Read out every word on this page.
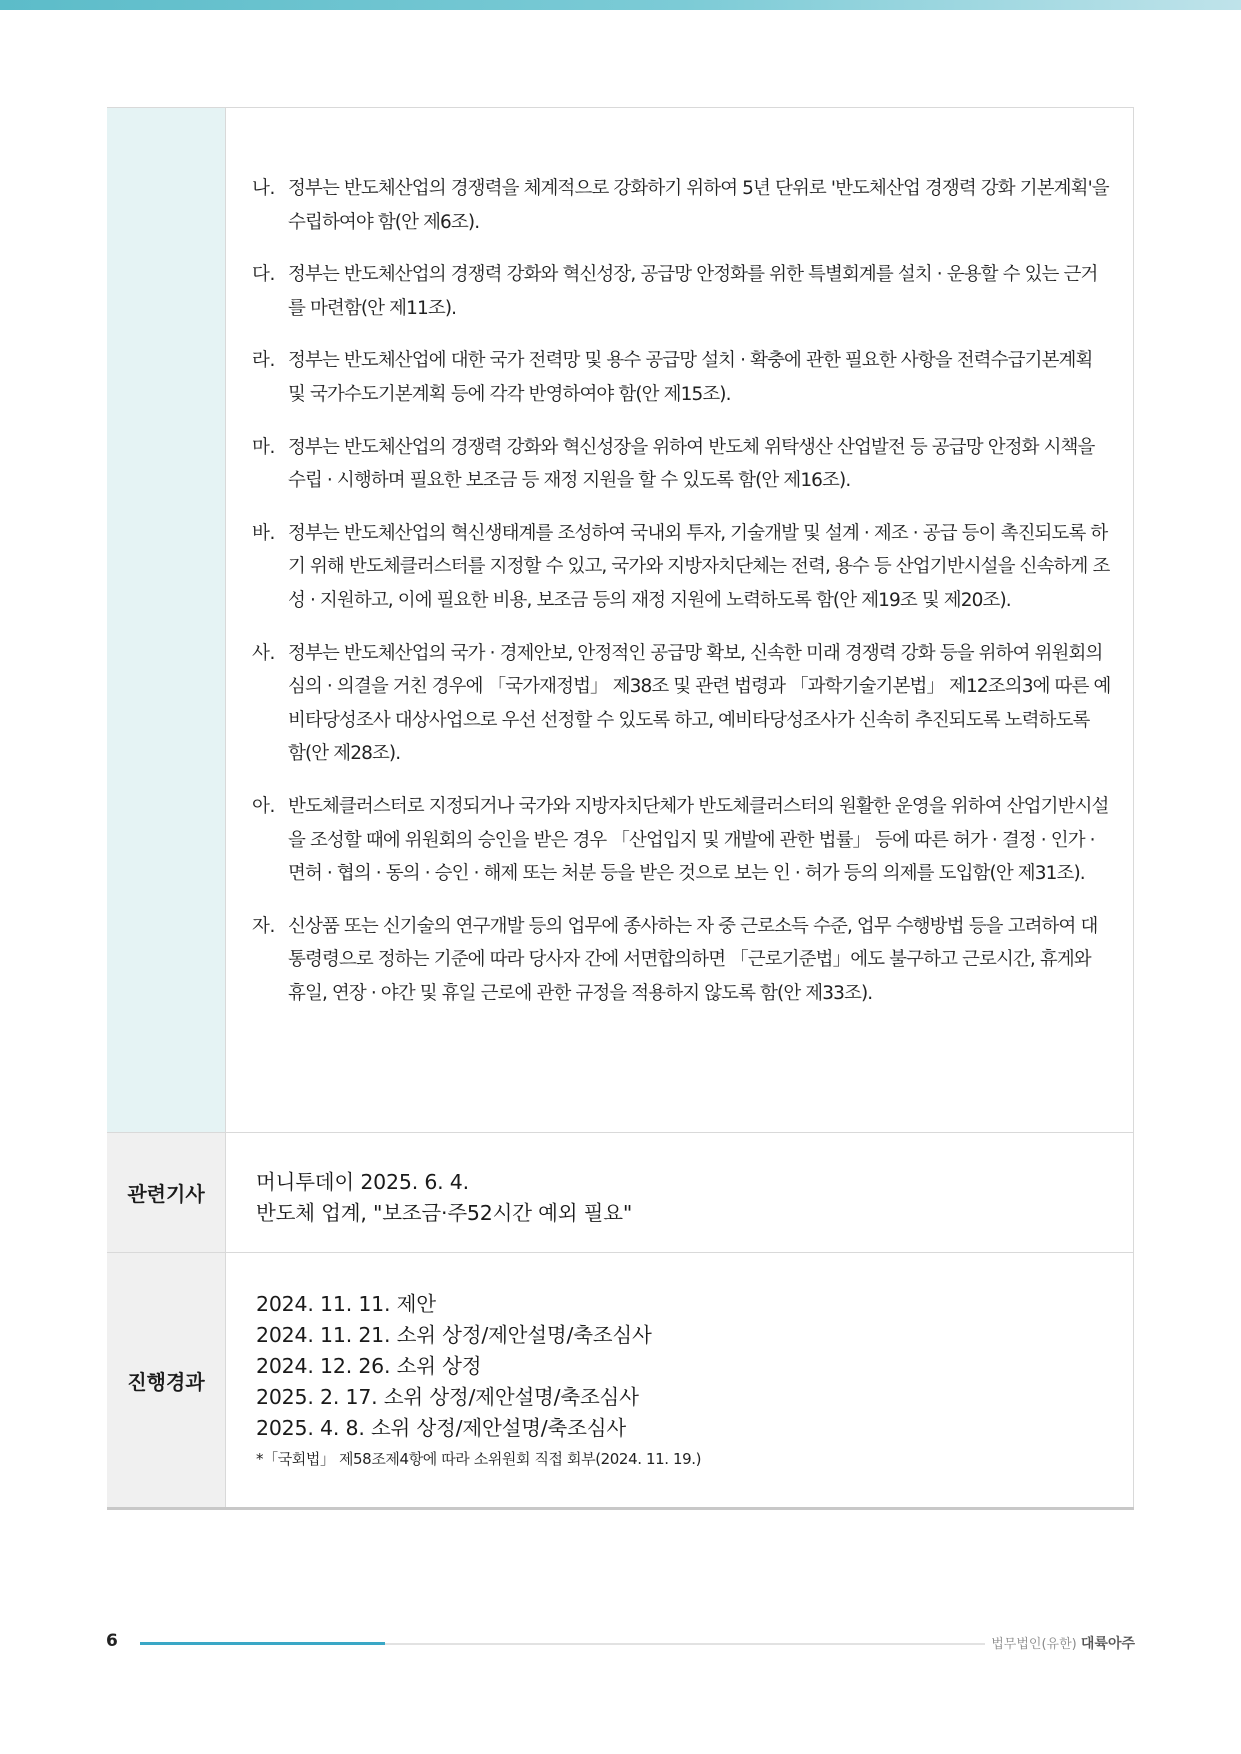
나. 정부는 반도체산업의 경쟁력을 체계적으로 강화하기 위하여 5년 단위로 '반도체산업 경쟁력 강화 기본계획'을 수립하여야 함(안 제6조).
다. 정부는 반도체산업의 경쟁력 강화와 혁신성장, 공급망 안정화를 위한 특별회계를 설치 · 운용할 수 있는 근거를 마련함(안 제11조).
라. 정부는 반도체산업에 대한 국가 전력망 및 용수 공급망 설치 · 확충에 관한 필요한 사항을 전력수급기본계획 및 국가수도기본계획 등에 각각 반영하여야 함(안 제15조).
마. 정부는 반도체산업의 경쟁력 강화와 혁신성장을 위하여 반도체 위탁생산 산업발전 등 공급망 안정화 시책을 수립 · 시행하며 필요한 보조금 등 재정 지원을 할 수 있도록 함(안 제16조).
바. 정부는 반도체산업의 혁신생태계를 조성하여 국내외 투자, 기술개발 및 설계 · 제조 · 공급 등이 촉진되도록 하기 위해 반도체클러스터를 지정할 수 있고, 국가와 지방자치단체는 전력, 용수 등 산업기반시설을 신속하게 조성 · 지원하고, 이에 필요한 비용, 보조금 등의 재정 지원에 노력하도록 함(안 제19조 및 제20조).
사. 정부는 반도체산업의 국가 · 경제안보, 안정적인 공급망 확보, 신속한 미래 경쟁력 강화 등을 위하여 위원회의 심의 · 의결을 거친 경우에 「국가재정법」 제38조 및 관련 법령과 「과학기술기본법」 제12조의3에 따른 예비타당성조사 대상사업으로 우선 선정할 수 있도록 하고, 예비타당성조사가 신속히 추진되도록 노력하도록 함(안 제28조).
아. 반도체클러스터로 지정되거나 국가와 지방자치단체가 반도체클러스터의 원활한 운영을 위하여 산업기반시설을 조성할 때에 위원회의 승인을 받은 경우 「산업입지 및 개발에 관한 법률」 등에 따른 허가 · 결정 · 인가 · 면허 · 협의 · 동의 · 승인 · 해제 또는 처분 등을 받은 것으로 보는 인 · 허가 등의 의제를 도입함(안 제31조).
자. 신상품 또는 신기술의 연구개발 등의 업무에 종사하는 자 중 근로소득 수준, 업무 수행방법 등을 고려하여 대통령령으로 정하는 기준에 따라 당사자 간에 서면합의하면 「근로기준법」에도 불구하고 근로시간, 휴게와 휴일, 연장 · 야간 및 휴일 근로에 관한 규정을 적용하지 않도록 함(안 제33조).
관련기사	머니투데이 2025. 6. 4.
반도체 업계, "보조금·주52시간 예외 필요"
진행경과
2024. 11. 11. 제안
2024. 11. 21. 소위 상정/제안설명/축조심사
2024. 12. 26. 소위 상정
2025. 2. 17. 소위 상정/제안설명/축조심사
2025. 4. 8. 소위 상정/제안설명/축조심사
*「국회법」 제58조제4항에 따라 소위원회 직접 회부(2024. 11. 19.)
6	법무법인(유한) 대륙아주
